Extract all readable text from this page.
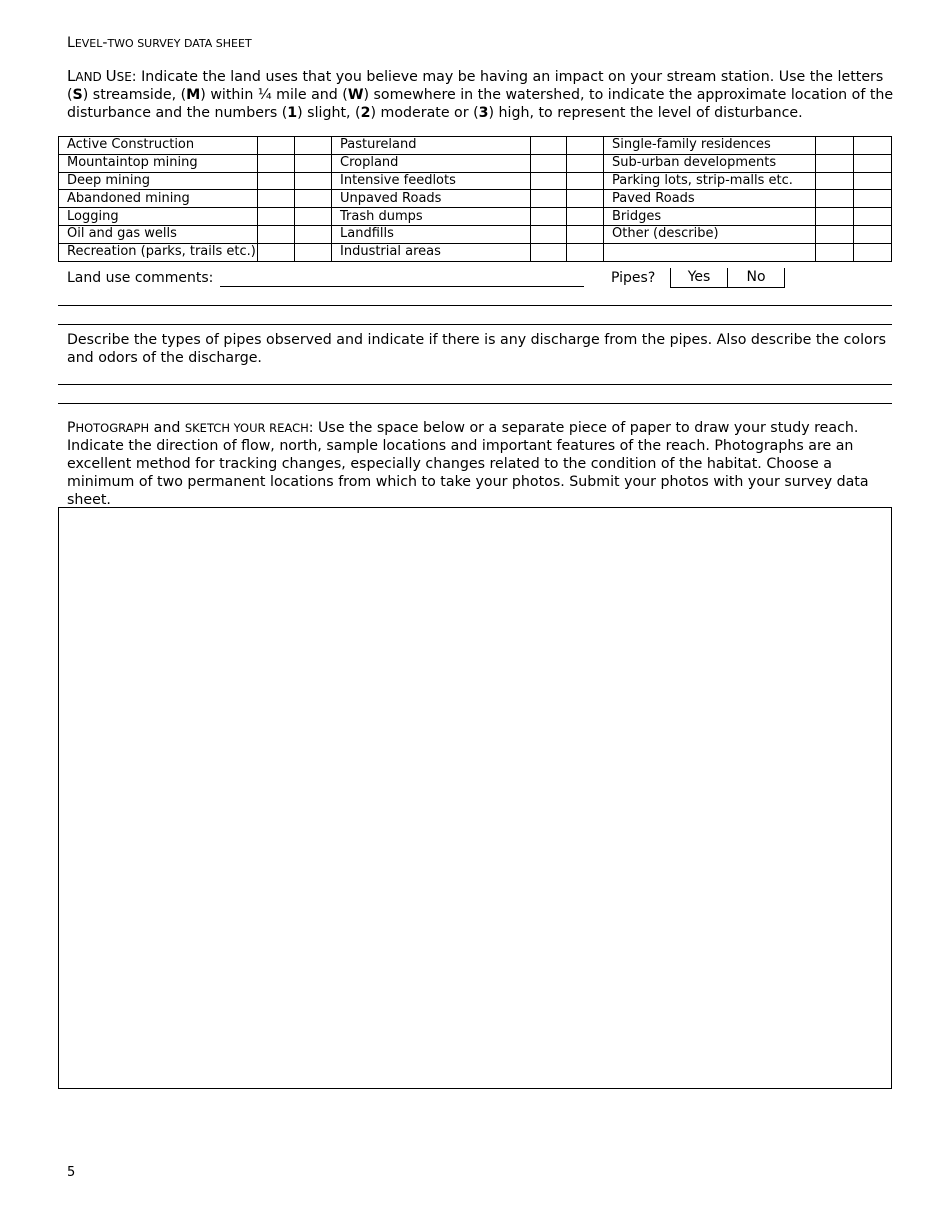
LEVEL-TWO SURVEY DATA SHEET
LAND USE: Indicate the land uses that you believe may be having an impact on your stream station. Use the letters (S) streamside, (M) within ¼ mile and (W) somewhere in the watershed, to indicate the approximate location of the disturbance and the numbers (1) slight, (2) moderate or (3) high, to represent the level of disturbance.
Active Construction			Pastureland			Single-family residences		
Mountaintop mining			Cropland			Sub-urban developments		
Deep mining			Intensive feedlots			Parking lots, strip-malls etc.		
Abandoned mining			Unpaved Roads			Paved Roads		
Logging			Trash dumps			Bridges		
Oil and gas wells			Landfills			Other (describe)		
Recreation (parks, trails etc.)			Industrial areas					
Land use comments:	Pipes?	Yes	No
Describe the types of pipes observed and indicate if there is any discharge from the pipes. Also describe the colors and odors of the discharge.
PHOTOGRAPH and SKETCH YOUR REACH: Use the space below or a separate piece of paper to draw your study reach. Indicate the direction of flow, north, sample locations and important features of the reach. Photographs are an excellent method for tracking changes, especially changes related to the condition of the habitat. Choose a minimum of two permanent locations from which to take your photos. Submit your photos with your survey data sheet.
5
